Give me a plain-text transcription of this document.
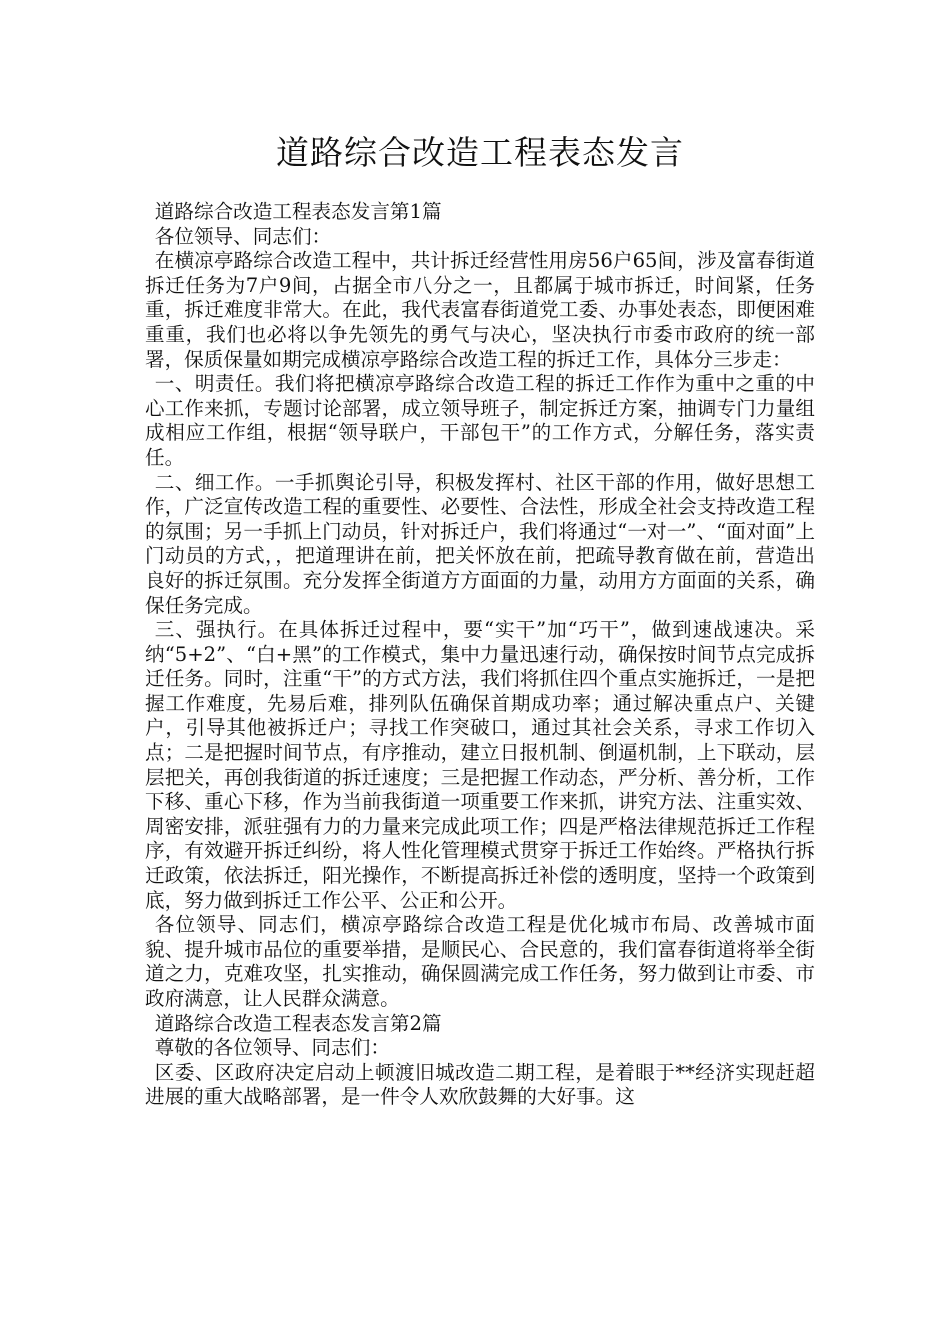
道路综合改造工程表态发言

道路综合改造工程表态发言第1篇

各位领导、同志们：

在横凉亭路综合改造工程中，共计拆迁经营性用房56户65间，涉及富春街道拆迁任务为7户9间，占据全市八分之一，且都属于城市拆迁，时间紧，任务重，拆迁难度非常大。在此，我代表富春街道党工委、办事处表态，即便困难重重，我们也必将以争先领先的勇气与决心，坚决执行市委市政府的统一部署，保质保量如期完成横凉亭路综合改造工程的拆迁工作，具体分三步走：

一、明责任。我们将把横凉亭路综合改造工程的拆迁工作作为重中之重的中心工作来抓，专题讨论部署，成立领导班子，制定拆迁方案，抽调专门力量组成相应工作组，根据“领导联户，干部包干”的工作方式，分解任务，落实责任。

二、细工作。一手抓舆论引导，积极发挥村、社区干部的作用，做好思想工作，广泛宣传改造工程的重要性、必要性、合法性，形成全社会支持改造工程的氛围；另一手抓上门动员，针对拆迁户，我们将通过“一对一”、“面对面”上门动员的方式，，把道理讲在前，把关怀放在前，把疏导教育做在前，营造出良好的拆迁氛围。充分发挥全街道方方面面的力量，动用方方面面的关系，确保任务完成。

三、强执行。在具体拆迁过程中，要“实干”加“巧干”，做到速战速决。采纳“5+2”、“白+黑”的工作模式，集中力量迅速行动，确保按时间节点完成拆迁任务。同时，注重“干”的方式方法，我们将抓住四个重点实施拆迁，一是把握工作难度，先易后难，排列队伍确保首期成功率；通过解决重点户、关键户，引导其他被拆迁户；寻找工作突破口，通过其社会关系，寻求工作切入点；二是把握时间节点，有序推动，建立日报机制、倒逼机制，上下联动，层层把关，再创我街道的拆迁速度；三是把握工作动态，严分析、善分析，工作下移、重心下移，作为当前我街道一项重要工作来抓，讲究方法、注重实效、周密安排，派驻强有力的力量来完成此项工作；四是严格法律规范拆迁工作程序，有效避开拆迁纠纷，将人性化管理模式贯穿于拆迁工作始终。严格执行拆迁政策，依法拆迁，阳光操作，不断提高拆迁补偿的透明度，坚持一个政策到底，努力做到拆迁工作公平、公正和公开。

各位领导、同志们，横凉亭路综合改造工程是优化城市布局、改善城市面貌、提升城市品位的重要举措，是顺民心、合民意的，我们富春街道将举全街道之力，克难攻坚，扎实推动，确保圆满完成工作任务，努力做到让市委、市政府满意，让人民群众满意。

道路综合改造工程表态发言第2篇

尊敬的各位领导、同志们：

区委、区政府决定启动上顿渡旧城改造二期工程，是着眼于**经济实现赶超进展的重大战略部署，是一件令人欢欣鼓舞的大好事。这
